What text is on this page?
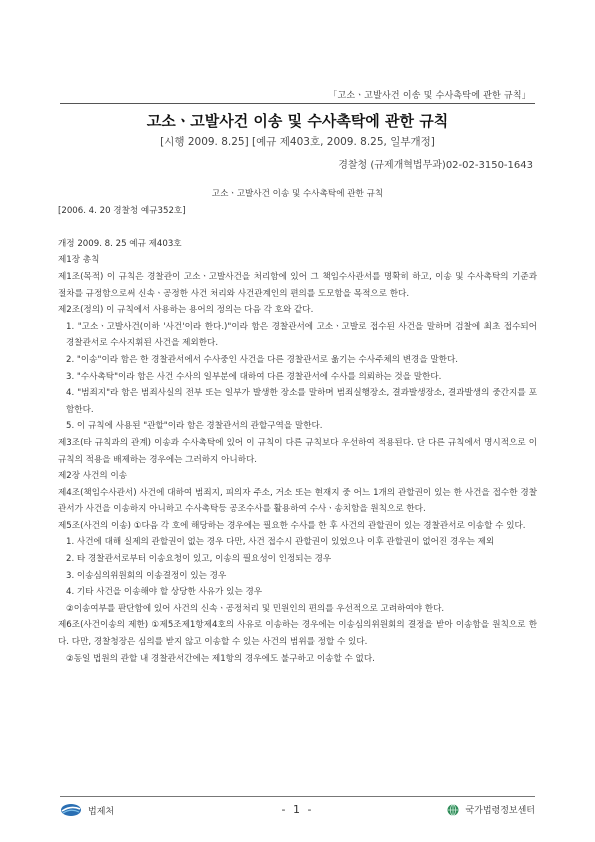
「고소ㆍ고발사건 이송 및 수사촉탁에 관한 규칙」
고소ㆍ고발사건 이송 및 수사촉탁에 관한 규칙
[시행 2009. 8.25] [예규 제403호, 2009. 8.25, 일부개정]
경찰청 (규제개혁법무과)02-02-3150-1643

고소ㆍ고발사건 이송 및 수사촉탁에 관한 규칙

[2006. 4. 20 경찰청 예규352호]

개정 2009. 8. 25 예규 제403호

제1장 총칙

제1조(목적) 이 규칙은 경찰관이 고소ㆍ고발사건을 처리함에 있어 그 책임수사관서를 명확히 하고, 이송 및 수사촉탁의 기준과 절차를 규정함으로써 신속ㆍ공정한 사건 처리와 사건관계인의 편의를 도모함을 목적으로 한다.

제2조(정의) 이 규칙에서 사용하는 용어의 정의는 다음 각 호와 같다.

1. "고소ㆍ고발사건(이하 '사건'이라 한다.)"이라 함은 경찰관서에 고소ㆍ고발로 접수된 사건을 말하며 검찰에 최초 접수되어 경찰관서로 수사지휘된 사건을 제외한다.

2. "이송"이라 함은 한 경찰관서에서 수사중인 사건을 다른 경찰관서로 옮기는 수사주체의 변경을 말한다.

3. "수사촉탁"이라 함은 사건 수사의 일부분에 대하여 다른 경찰관서에 수사를 의뢰하는 것을 말한다.

4. "범죄지"라 함은 범죄사실의 전부 또는 일부가 발생한 장소를 말하며 범죄실행장소, 결과발생장소, 결과발생의 중간지를 포함한다.

5. 이 규칙에 사용된 "관할"이라 함은 경찰관서의 관할구역을 말한다.

제3조(타 규칙과의 관계) 이송과 수사촉탁에 있어 이 규칙이 다른 규칙보다 우선하여 적용된다. 단 다른 규칙에서 명시적으로 이 규칙의 적용을 배제하는 경우에는 그러하지 아니하다.

제2장 사건의 이송

제4조(책임수사관서) 사건에 대하여 범죄지, 피의자 주소, 거소 또는 현재지 중 어느 1개의 관할권이 있는 한 사건을 접수한 경찰관서가 사건을 이송하지 아니하고 수사촉탁등 공조수사를 활용하여 수사ㆍ송치함을 원칙으로 한다.

제5조(사건의 이송) ①다음 각 호에 해당하는 경우에는 필요한 수사를 한 후 사건의 관할권이 있는 경찰관서로 이송할 수 있다.

1. 사건에 대해 실제의 관할권이 없는 경우 다만, 사건 접수시 관할권이 있었으나 이후 관할권이 없어진 경우는 제외

2. 타 경찰관서로부터 이송요청이 있고, 이송의 필요성이 인정되는 경우

3. 이송심의위원회의 이송결정이 있는 경우

4. 기타 사건을 이송해야 할 상당한 사유가 있는 경우

②이송여부를 판단함에 있어 사건의 신속ㆍ공정처리 및 민원인의 편의를 우선적으로 고려하여야 한다.

제6조(사건이송의 제한) ①제5조제1항제4호의 사유로 이송하는 경우에는 이송심의위원회의 결정을 받아 이송함을 원칙으로 한다. 다만, 경찰청장은 심의를 받지 않고 이송할 수 있는 사건의 범위를 정할 수 있다.

②동일 법원의 관할 내 경찰관서간에는 제1항의 경우에도 불구하고 이송할 수 없다.

법제처	- 1 -	국가법령정보센터
